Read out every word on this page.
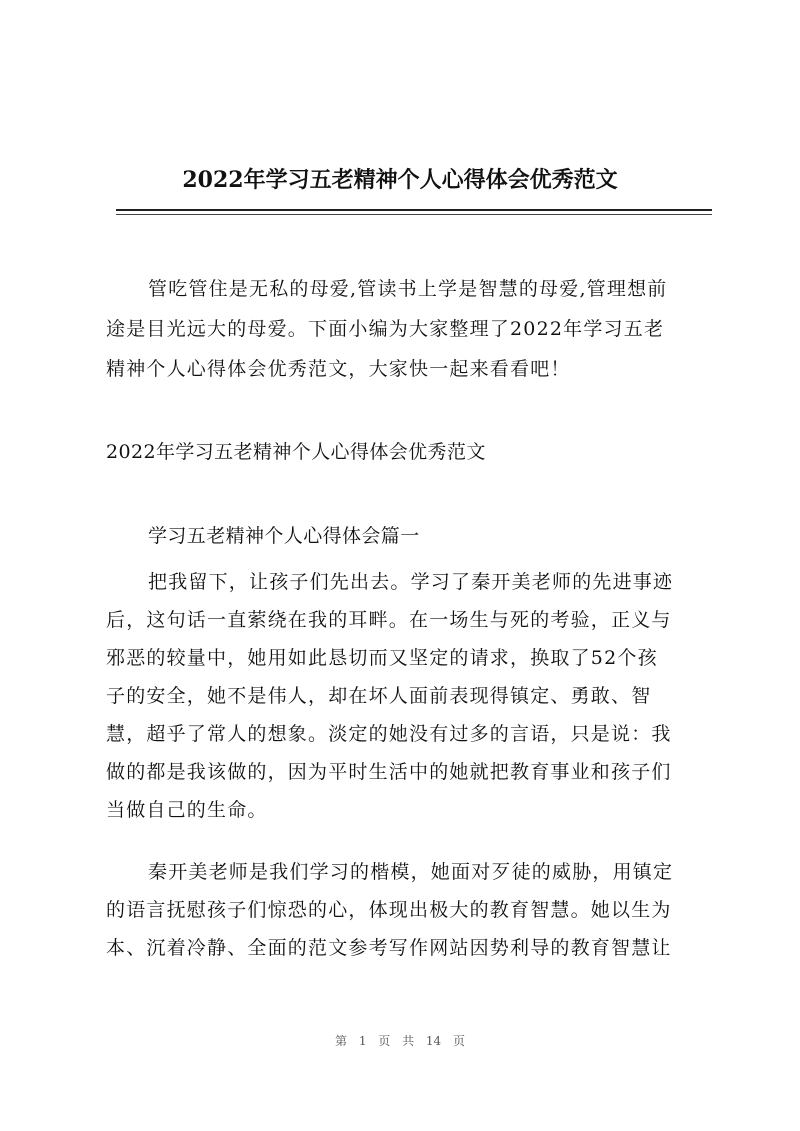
2022年学习五老精神个人心得体会优秀范文
管吃管住是无私的母爱,管读书上学是智慧的母爱,管理想前
途是目光远大的母爱。下面小编为大家整理了2022年学习五老
精神个人心得体会优秀范文，大家快一起来看看吧！
2022年学习五老精神个人心得体会优秀范文
学习五老精神个人心得体会篇一
把我留下，让孩子们先出去。学习了秦开美老师的先进事迹
后，这句话一直萦绕在我的耳畔。在一场生与死的考验，正义与
邪恶的较量中，她用如此恳切而又坚定的请求，换取了52个孩
子的安全，她不是伟人，却在坏人面前表现得镇定、勇敢、智
慧，超乎了常人的想象。淡定的她没有过多的言语，只是说：我
做的都是我该做的，因为平时生活中的她就把教育事业和孩子们
当做自己的生命。
秦开美老师是我们学习的楷模，她面对歹徒的威胁，用镇定
的语言抚慰孩子们惊恐的心，体现出极大的教育智慧。她以生为
本、沉着冷静、全面的范文参考写作网站因势利导的教育智慧让
第 1 页 共 14 页
